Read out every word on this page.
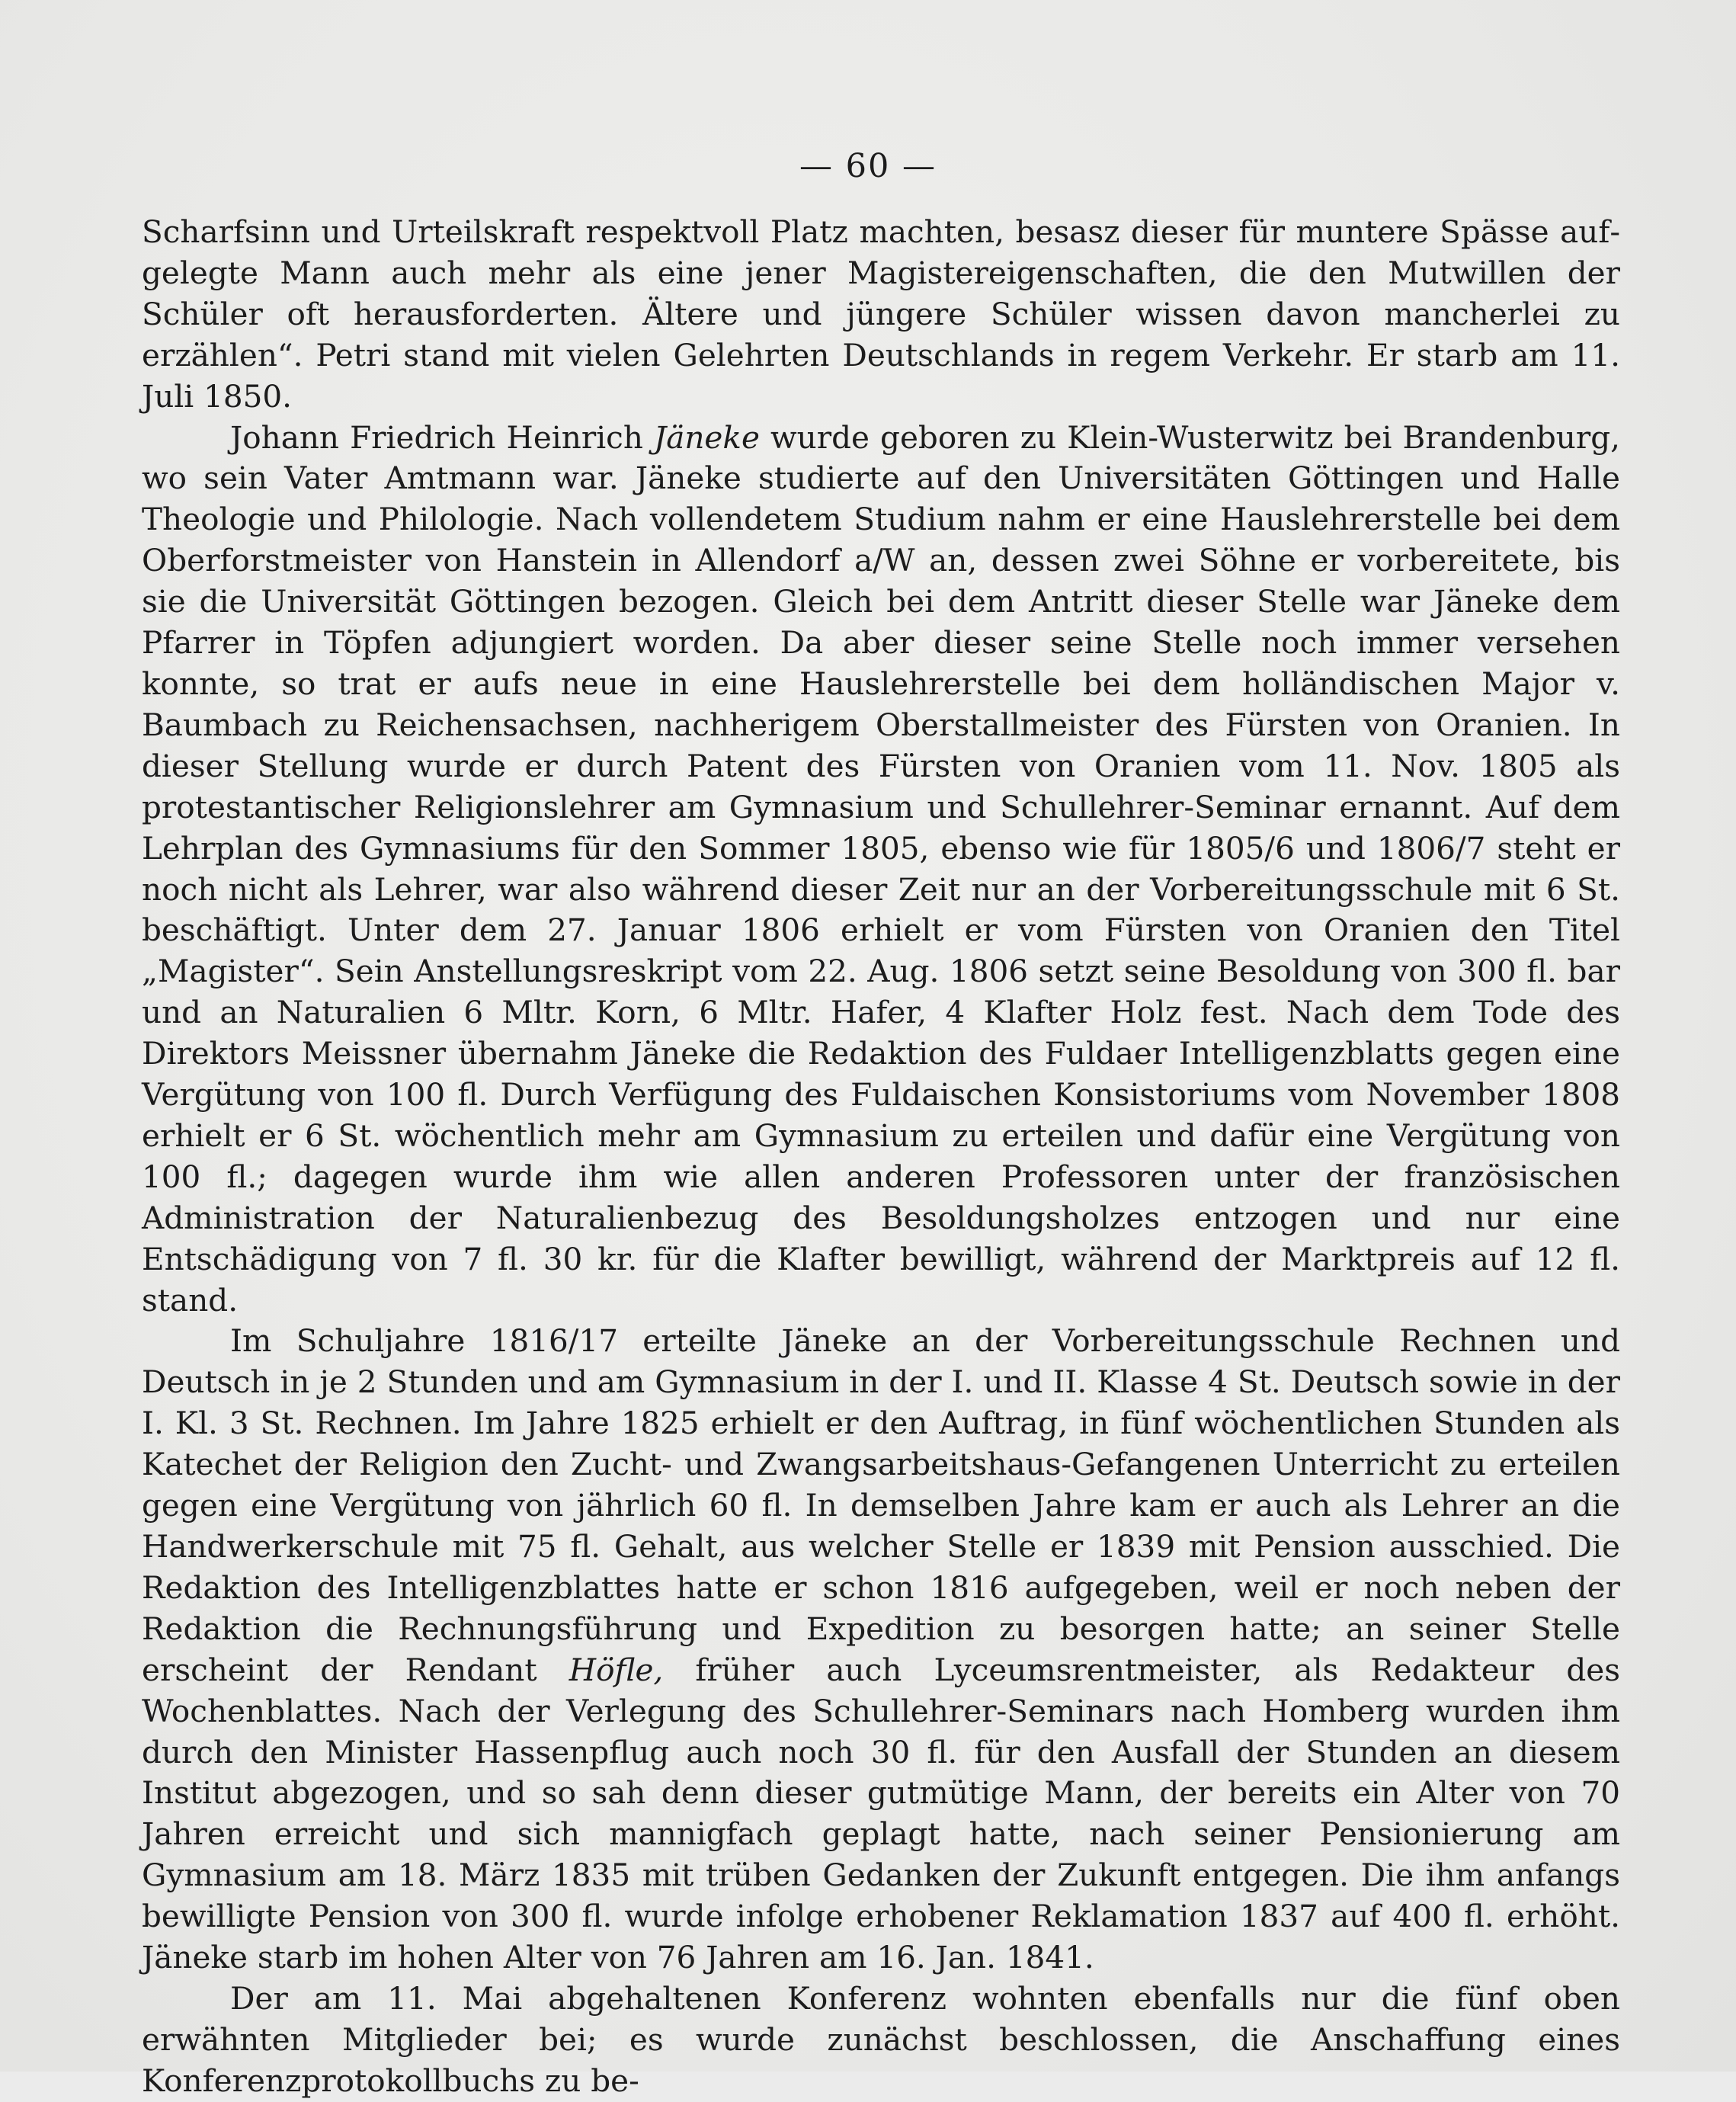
— 60 —

Scharfsinn und Urteilskraft respektvoll Platz machten, besasz dieser für muntere Spässe aufgelegte Mann auch mehr als eine jener Magistereigenschaften, die den Mutwillen der Schüler oft herausforderten. Ältere und jüngere Schüler wissen davon mancherlei zu erzählen“. Petri stand mit vielen Gelehrten Deutschlands in regem Verkehr. Er starb am 11. Juli 1850.

Johann Friedrich Heinrich Jäneke wurde geboren zu Klein-Wusterwitz bei Brandenburg, wo sein Vater Amtmann war. Jäneke studierte auf den Universitäten Göttingen und Halle Theologie und Philologie. Nach vollendetem Studium nahm er eine Hauslehrerstelle bei dem Oberforstmeister von Hanstein in Allendorf a/W an, dessen zwei Söhne er vorbereitete, bis sie die Universität Göttingen bezogen. Gleich bei dem Antritt dieser Stelle war Jäneke dem Pfarrer in Töpfen adjungiert worden. Da aber dieser seine Stelle noch immer versehen konnte, so trat er aufs neue in eine Hauslehrerstelle bei dem holländischen Major v. Baumbach zu Reichensachsen, nachherigem Oberstallmeister des Fürsten von Oranien. In dieser Stellung wurde er durch Patent des Fürsten von Oranien vom 11. Nov. 1805 als protestantischer Religionslehrer am Gymnasium und Schullehrer-Seminar ernannt. Auf dem Lehrplan des Gymnasiums für den Sommer 1805, ebenso wie für 1805/6 und 1806/7 steht er noch nicht als Lehrer, war also während dieser Zeit nur an der Vorbereitungsschule mit 6 St. beschäftigt. Unter dem 27. Januar 1806 erhielt er vom Fürsten von Oranien den Titel „Magister“. Sein Anstellungsreskript vom 22. Aug. 1806 setzt seine Besoldung von 300 fl. bar und an Naturalien 6 Mltr. Korn, 6 Mltr. Hafer, 4 Klafter Holz fest. Nach dem Tode des Direktors Meissner übernahm Jäneke die Redaktion des Fuldaer Intelligenzblatts gegen eine Vergütung von 100 fl. Durch Verfügung des Fuldaischen Konsistoriums vom November 1808 erhielt er 6 St. wöchentlich mehr am Gymnasium zu erteilen und dafür eine Vergütung von 100 fl.; dagegen wurde ihm wie allen anderen Professoren unter der französischen Administration der Naturalienbezug des Besoldungsholzes entzogen und nur eine Entschädigung von 7 fl. 30 kr. für die Klafter bewilligt, während der Marktpreis auf 12 fl. stand.

Im Schuljahre 1816/17 erteilte Jäneke an der Vorbereitungsschule Rechnen und Deutsch in je 2 Stunden und am Gymnasium in der I. und II. Klasse 4 St. Deutsch sowie in der I. Kl. 3 St. Rechnen. Im Jahre 1825 erhielt er den Auftrag, in fünf wöchentlichen Stunden als Katechet der Religion den Zucht- und Zwangsarbeitshaus-Gefangenen Unterricht zu erteilen gegen eine Vergütung von jährlich 60 fl. In demselben Jahre kam er auch als Lehrer an die Handwerkerschule mit 75 fl. Gehalt, aus welcher Stelle er 1839 mit Pension ausschied. Die Redaktion des Intelligenzblattes hatte er schon 1816 aufgegeben, weil er noch neben der Redaktion die Rechnungsführung und Expedition zu besorgen hatte; an seiner Stelle erscheint der Rendant Höfle, früher auch Lyceumsrentmeister, als Redakteur des Wochenblattes. Nach der Verlegung des Schullehrer-Seminars nach Homberg wurden ihm durch den Minister Hassenpflug auch noch 30 fl. für den Ausfall der Stunden an diesem Institut abgezogen, und so sah denn dieser gutmütige Mann, der bereits ein Alter von 70 Jahren erreicht und sich mannigfach geplagt hatte, nach seiner Pensionierung am Gymnasium am 18. März 1835 mit trüben Gedanken der Zukunft entgegen. Die ihm anfangs bewilligte Pension von 300 fl. wurde infolge erhobener Reklamation 1837 auf 400 fl. erhöht. Jäneke starb im hohen Alter von 76 Jahren am 16. Jan. 1841.

Der am 11. Mai abgehaltenen Konferenz wohnten ebenfalls nur die fünf oben erwähnten Mitglieder bei; es wurde zunächst beschlossen, die Anschaffung eines Konferenzprotokollbuchs zu be-
